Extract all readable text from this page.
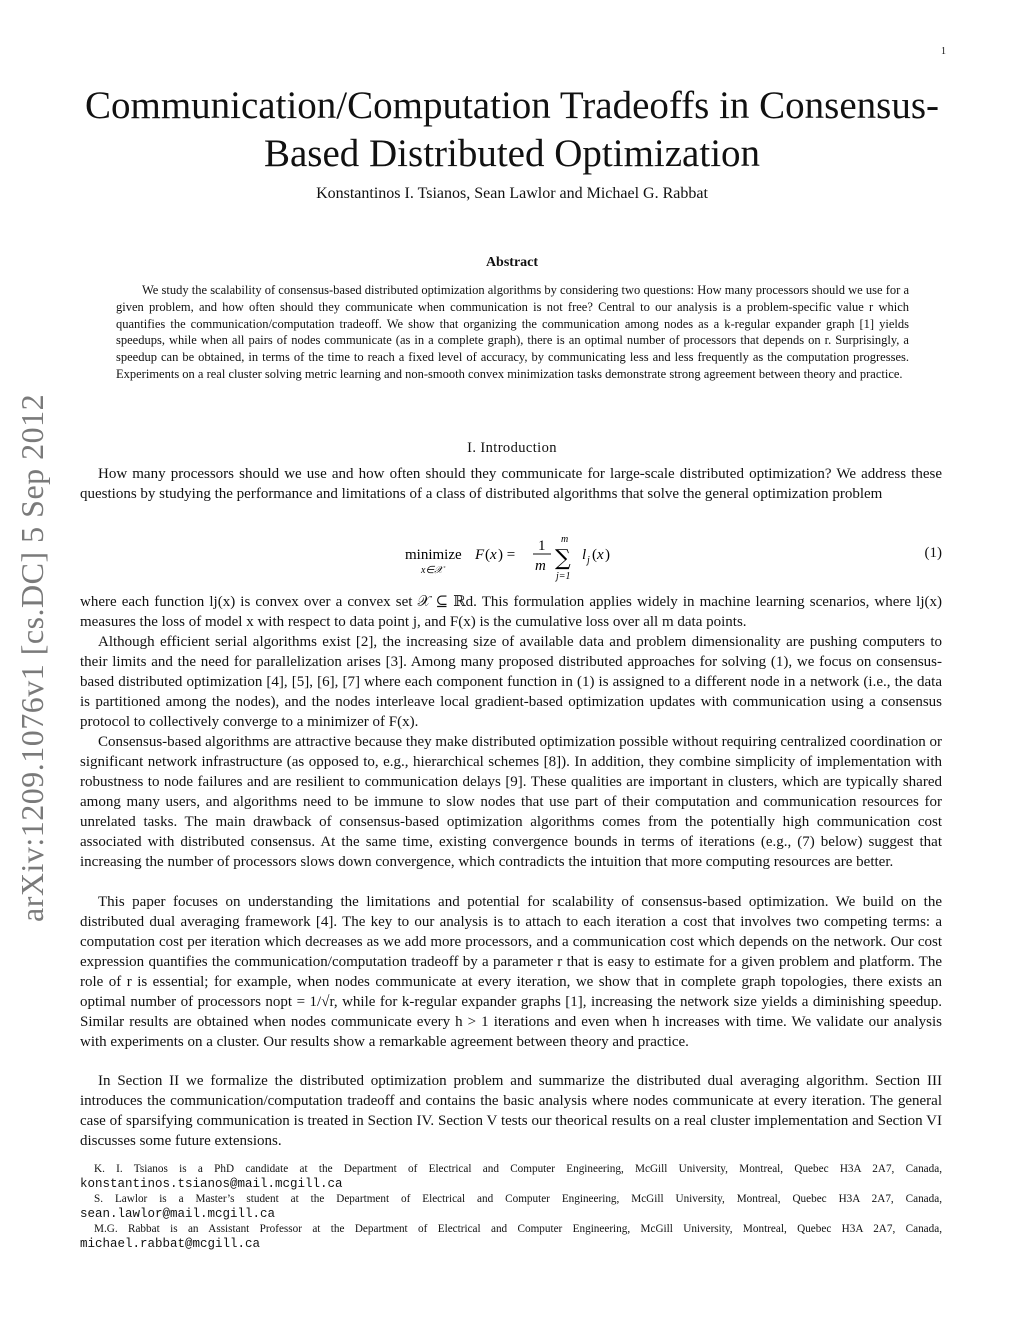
1
arXiv:1209.1076v1 [cs.DC] 5 Sep 2012
Communication/Computation Tradeoffs in Consensus-Based Distributed Optimization
Konstantinos I. Tsianos, Sean Lawlor and Michael G. Rabbat
Abstract

We study the scalability of consensus-based distributed optimization algorithms by considering two questions: How many processors should we use for a given problem, and how often should they communicate when communication is not free? Central to our analysis is a problem-specific value r which quantifies the communication/computation tradeoff. We show that organizing the communication among nodes as a k-regular expander graph [1] yields speedups, while when all pairs of nodes communicate (as in a complete graph), there is an optimal number of processors that depends on r. Surprisingly, a speedup can be obtained, in terms of the time to reach a fixed level of accuracy, by communicating less and less frequently as the computation progresses. Experiments on a real cluster solving metric learning and non-smooth convex minimization tasks demonstrate strong agreement between theory and practice.

I. Introduction

How many processors should we use and how often should they communicate for large-scale distributed optimization? We address these questions by studying the performance and limitations of a class of distributed algorithms that solve the general optimization problem

minimize
x∈𝒳
F ( x ) =
1
m
m
∑
j=1
l j ( x )	(1)

where each function lj(x) is convex over a convex set 𝒳 ⊆ ℝd. This formulation applies widely in machine learning scenarios, where lj(x) measures the loss of model x with respect to data point j, and F(x) is the cumulative loss over all m data points.

Although efficient serial algorithms exist [2], the increasing size of available data and problem dimensionality are pushing computers to their limits and the need for parallelization arises [3]. Among many proposed distributed approaches for solving (1), we focus on consensus-based distributed optimization [4], [5], [6], [7] where each component function in (1) is assigned to a different node in a network (i.e., the data is partitioned among the nodes), and the nodes interleave local gradient-based optimization updates with communication using a consensus protocol to collectively converge to a minimizer of F(x).

Consensus-based algorithms are attractive because they make distributed optimization possible without requiring centralized coordination or significant network infrastructure (as opposed to, e.g., hierarchical schemes [8]). In addition, they combine simplicity of implementation with robustness to node failures and are resilient to communication delays [9]. These qualities are important in clusters, which are typically shared among many users, and algorithms need to be immune to slow nodes that use part of their computation and communication resources for unrelated tasks. The main drawback of consensus-based optimization algorithms comes from the potentially high communication cost associated with distributed consensus. At the same time, existing convergence bounds in terms of iterations (e.g., (7) below) suggest that increasing the number of processors slows down convergence, which contradicts the intuition that more computing resources are better.

This paper focuses on understanding the limitations and potential for scalability of consensus-based optimization. We build on the distributed dual averaging framework [4]. The key to our analysis is to attach to each iteration a cost that involves two competing terms: a computation cost per iteration which decreases as we add more processors, and a communication cost which depends on the network. Our cost expression quantifies the communication/computation tradeoff by a parameter r that is easy to estimate for a given problem and platform. The role of r is essential; for example, when nodes communicate at every iteration, we show that in complete graph topologies, there exists an optimal number of processors nopt = 1/√r, while for k-regular expander graphs [1], increasing the network size yields a diminishing speedup. Similar results are obtained when nodes communicate every h > 1 iterations and even when h increases with time. We validate our analysis with experiments on a cluster. Our results show a remarkable agreement between theory and practice.

In Section II we formalize the distributed optimization problem and summarize the distributed dual averaging algorithm. Section III introduces the communication/computation tradeoff and contains the basic analysis where nodes communicate at every iteration. The general case of sparsifying communication is treated in Section IV. Section V tests our theorical results on a real cluster implementation and Section VI discusses some future extensions.

K. I. Tsianos is a PhD candidate at the Department of Electrical and Computer Engineering, McGill University, Montreal, Quebec H3A 2A7, Canada, konstantinos.tsianos@mail.mcgill.ca

S. Lawlor is a Master’s student at the Department of Electrical and Computer Engineering, McGill University, Montreal, Quebec H3A 2A7, Canada, sean.lawlor@mail.mcgill.ca

M.G. Rabbat is an Assistant Professor at the Department of Electrical and Computer Engineering, McGill University, Montreal, Quebec H3A 2A7, Canada, michael.rabbat@mcgill.ca
